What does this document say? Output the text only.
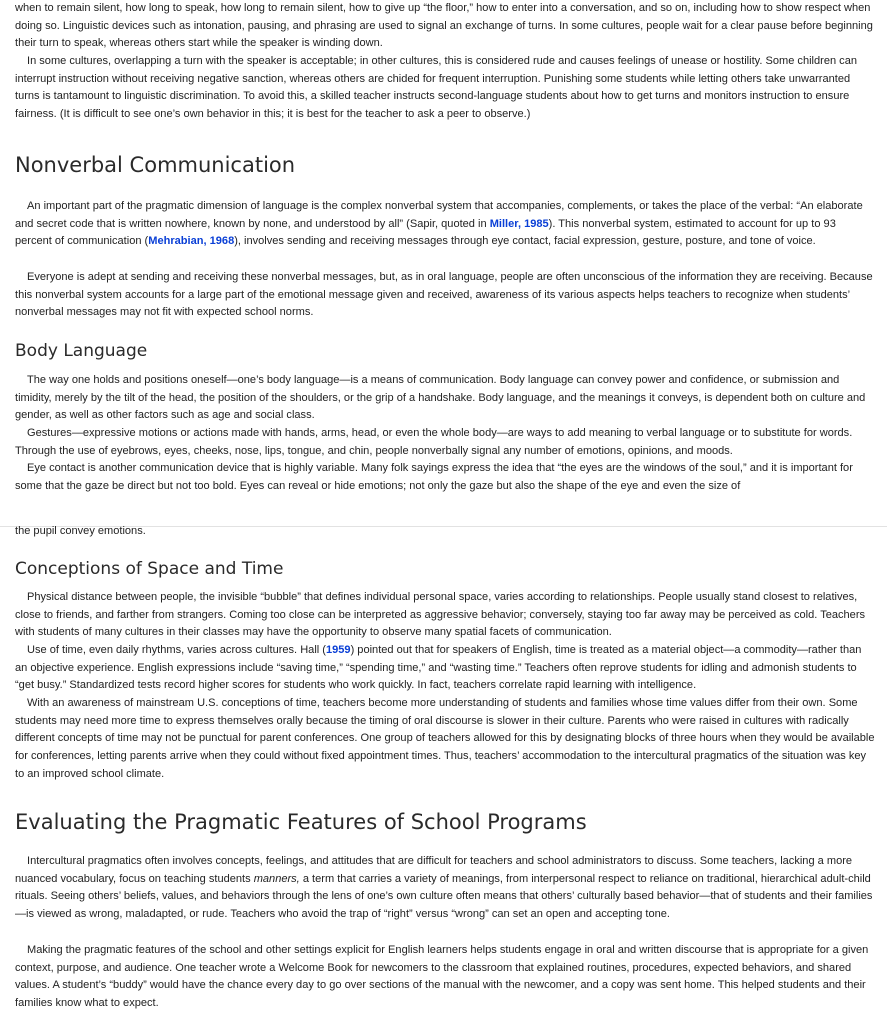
when to remain silent, how long to speak, how long to remain silent, how to give up “the floor,” how to enter into a conversation, and so on, including how to show respect when doing so. Linguistic devices such as intonation, pausing, and phrasing are used to signal an exchange of turns. In some cultures, people wait for a clear pause before beginning their turn to speak, whereas others start while the speaker is winding down.

In some cultures, overlapping a turn with the speaker is acceptable; in other cultures, this is considered rude and causes feelings of unease or hostility. Some children can interrupt instruction without receiving negative sanction, whereas others are chided for frequent interruption. Punishing some students while letting others take unwarranted turns is tantamount to linguistic discrimination. To avoid this, a skilled teacher instructs second-language students about how to get turns and monitors instruction to ensure fairness. (It is difficult to see one’s own behavior in this; it is best for the teacher to ask a peer to observe.)

Nonverbal Communication

An important part of the pragmatic dimension of language is the complex nonverbal system that accompanies, complements, or takes the place of the verbal: “An elaborate and secret code that is written nowhere, known by none, and understood by all” (Sapir, quoted in Miller, 1985). This nonverbal system, estimated to account for up to 93 percent of communication (Mehrabian, 1968), involves sending and receiving messages through eye contact, facial expression, gesture, posture, and tone of voice.

Everyone is adept at sending and receiving these nonverbal messages, but, as in oral language, people are often unconscious of the information they are receiving. Because this nonverbal system accounts for a large part of the emotional message given and received, awareness of its various aspects helps teachers to recognize when students’ nonverbal messages may not fit with expected school norms.

Body Language

The way one holds and positions oneself—one’s body language—is a means of communication. Body language can convey power and confidence, or submission and timidity, merely by the tilt of the head, the position of the shoulders, or the grip of a handshake. Body language, and the meanings it conveys, is dependent both on culture and gender, as well as other factors such as age and social class.

Gestures—expressive motions or actions made with hands, arms, head, or even the whole body—are ways to add meaning to verbal language or to substitute for words. Through the use of eyebrows, eyes, cheeks, nose, lips, tongue, and chin, people nonverbally signal any number of emotions, opinions, and moods.

Eye contact is another communication device that is highly variable. Many folk sayings express the idea that “the eyes are the windows of the soul,” and it is important for some that the gaze be direct but not too bold. Eyes can reveal or hide emotions; not only the gaze but also the shape of the eye and even the size of

the pupil convey emotions.

Conceptions of Space and Time

Physical distance between people, the invisible “bubble” that defines individual personal space, varies according to relationships. People usually stand closest to relatives, close to friends, and farther from strangers. Coming too close can be interpreted as aggressive behavior; conversely, staying too far away may be perceived as cold. Teachers with students of many cultures in their classes may have the opportunity to observe many spatial facets of communication.

Use of time, even daily rhythms, varies across cultures. Hall (1959) pointed out that for speakers of English, time is treated as a material object—a commodity—rather than an objective experience. English expressions include “saving time,” “spending time,” and “wasting time.” Teachers often reprove students for idling and admonish students to “get busy.” Standardized tests record higher scores for students who work quickly. In fact, teachers correlate rapid learning with intelligence.

With an awareness of mainstream U.S. conceptions of time, teachers become more understanding of students and families whose time values differ from their own. Some students may need more time to express themselves orally because the timing of oral discourse is slower in their culture. Parents who were raised in cultures with radically different concepts of time may not be punctual for parent conferences. One group of teachers allowed for this by designating blocks of three hours when they would be available for conferences, letting parents arrive when they could without fixed appointment times. Thus, teachers’ accommodation to the intercultural pragmatics of the situation was key to an improved school climate.

Evaluating the Pragmatic Features of School Programs

Intercultural pragmatics often involves concepts, feelings, and attitudes that are difficult for teachers and school administrators to discuss. Some teachers, lacking a more nuanced vocabulary, focus on teaching students manners, a term that carries a variety of meanings, from interpersonal respect to reliance on traditional, hierarchical adult-child rituals. Seeing others’ beliefs, values, and behaviors through the lens of one’s own culture often means that others’ culturally based behavior—that of students and their families—is viewed as wrong, maladapted, or rude. Teachers who avoid the trap of “right” versus “wrong” can set an open and accepting tone.

Making the pragmatic features of the school and other settings explicit for English learners helps students engage in oral and written discourse that is appropriate for a given context, purpose, and audience. One teacher wrote a Welcome Book for newcomers to the classroom that explained routines, procedures, expected behaviors, and shared values. A student’s “buddy” would have the chance every day to go over sections of the manual with the newcomer, and a copy was sent home. This helped students and their families know what to expect.
